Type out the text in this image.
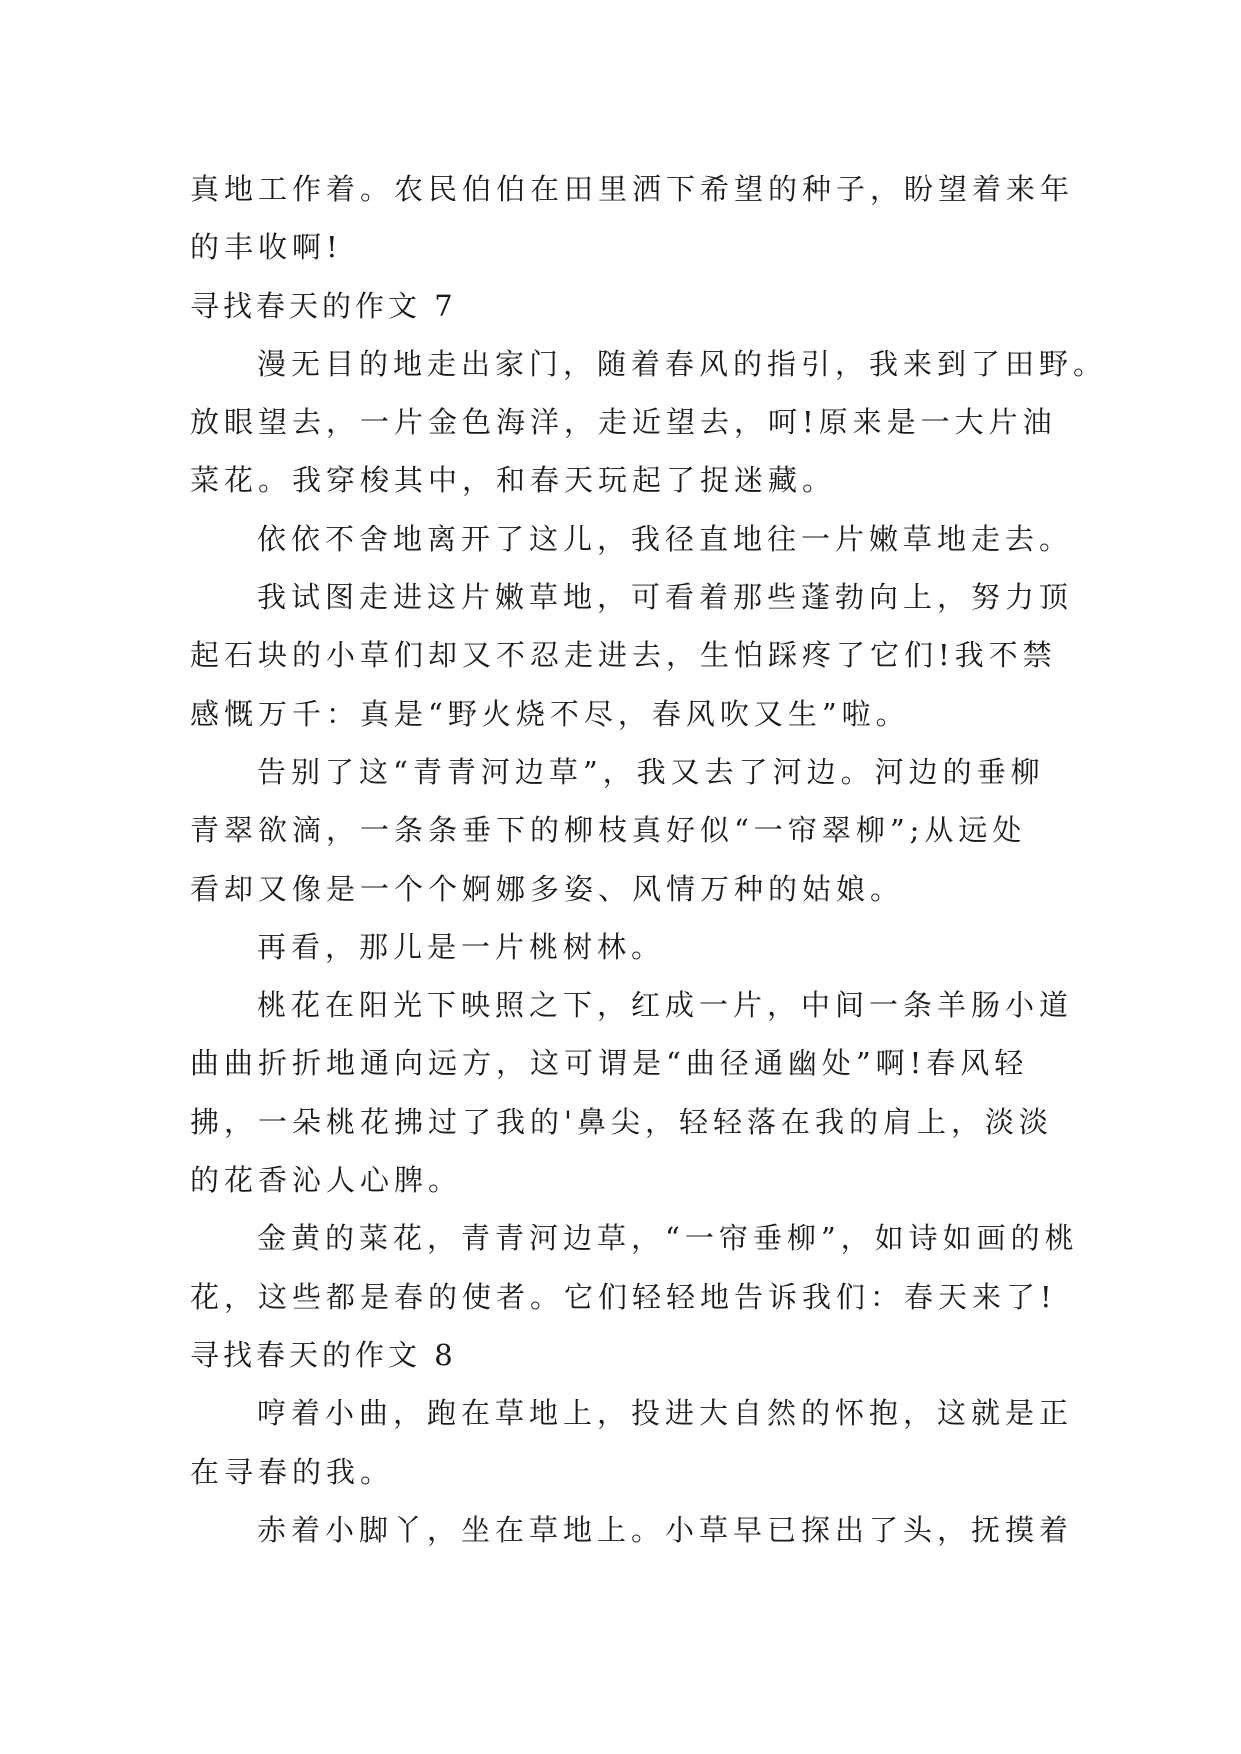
真地工作着。农民伯伯在田里洒下希望的种子，盼望着来年
的丰收啊!
寻找春天的作文 7
漫无目的地走出家门，随着春风的指引，我来到了田野。
放眼望去，一片金色海洋，走近望去，呵!原来是一大片油
菜花。我穿梭其中，和春天玩起了捉迷藏。
依依不舍地离开了这儿，我径直地往一片嫩草地走去。
我试图走进这片嫩草地，可看着那些蓬勃向上，努力顶
起石块的小草们却又不忍走进去，生怕踩疼了它们!我不禁
感慨万千：真是“野火烧不尽，春风吹又生”啦。
告别了这“青青河边草”，我又去了河边。河边的垂柳
青翠欲滴，一条条垂下的柳枝真好似“一帘翠柳”;从远处
看却又像是一个个婀娜多姿、风情万种的姑娘。
再看，那儿是一片桃树林。
桃花在阳光下映照之下，红成一片，中间一条羊肠小道
曲曲折折地通向远方，这可谓是“曲径通幽处”啊!春风轻
拂，一朵桃花拂过了我的'鼻尖，轻轻落在我的肩上，淡淡
的花香沁人心脾。
金黄的菜花，青青河边草，“一帘垂柳”，如诗如画的桃
花，这些都是春的使者。它们轻轻地告诉我们：春天来了!
寻找春天的作文 8
哼着小曲，跑在草地上，投进大自然的怀抱，这就是正
在寻春的我。
赤着小脚丫，坐在草地上。小草早已探出了头，抚摸着
